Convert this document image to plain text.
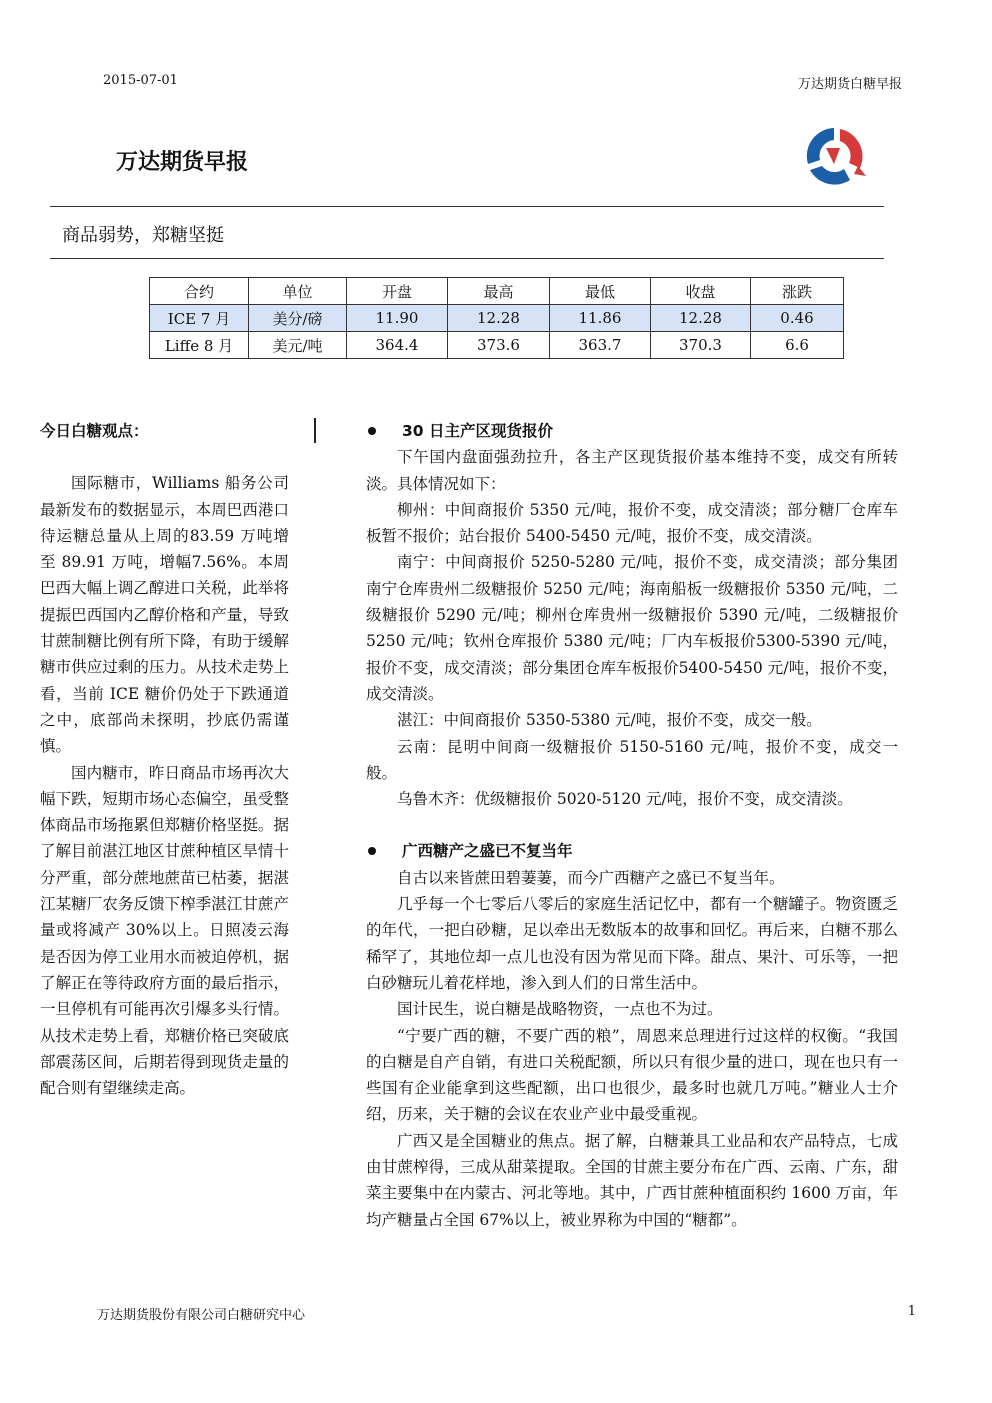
2015-07-01	万达期货白糖早报
万达期货早报
商品弱势，郑糖坚挺
合约	单位	开盘	最高	最低	收盘	涨跌
ICE 7 月	美分/磅	11.90	12.28	11.86	12.28	0.46
Liffe 8 月	美元/吨	364.4	373.6	363.7	370.3	6.6
今日白糖观点：

国际糖市，Williams 船务公司最新发布的数据显示，本周巴西港口待运糖总量从上周的83.59 万吨增至 89.91 万吨，增幅7.56%。本周巴西大幅上调乙醇进口关税，此举将提振巴西国内乙醇价格和产量，导致甘蔗制糖比例有所下降，有助于缓解糖市供应过剩的压力。从技术走势上看，当前 ICE 糖价仍处于下跌通道之中，底部尚未探明，抄底仍需谨慎。

国内糖市，昨日商品市场再次大幅下跌，短期市场心态偏空，虽受整体商品市场拖累但郑糖价格坚挺。据了解目前湛江地区甘蔗种植区旱情十分严重，部分蔗地蔗苗已枯萎，据湛江某糖厂农务反馈下榨季湛江甘蔗产量或将减产 30%以上。日照凌云海是否因为停工业用水而被迫停机，据了解正在等待政府方面的最后指示，一旦停机有可能再次引爆多头行情。从技术走势上看，郑糖价格已突破底部震荡区间，后期若得到现货走量的配合则有望继续走高。

30 日主产区现货报价

下午国内盘面强劲拉升，各主产区现货报价基本维持不变，成交有所转淡。具体情况如下：

柳州：中间商报价 5350 元/吨，报价不变，成交清淡；部分糖厂仓库车板暂不报价；站台报价 5400-5450 元/吨，报价不变，成交清淡。

南宁：中间商报价 5250-5280 元/吨，报价不变，成交清淡；部分集团南宁仓库贵州二级糖报价 5250 元/吨；海南船板一级糖报价 5350 元/吨，二级糖报价 5290 元/吨；柳州仓库贵州一级糖报价 5390 元/吨，二级糖报价 5250 元/吨；钦州仓库报价 5380 元/吨；厂内车板报价5300-5390 元/吨，报价不变，成交清淡；部分集团仓库车板报价5400-5450 元/吨，报价不变，成交清淡。

湛江：中间商报价 5350-5380 元/吨，报价不变，成交一般。

云南：昆明中间商一级糖报价 5150-5160 元/吨，报价不变，成交一般。

乌鲁木齐：优级糖报价 5020-5120 元/吨，报价不变，成交清淡。

广西糖产之盛已不复当年

自古以来皆蔗田碧萋萋，而今广西糖产之盛已不复当年。

几乎每一个七零后八零后的家庭生活记忆中，都有一个糖罐子。物资匮乏的年代，一把白砂糖，足以牵出无数版本的故事和回忆。再后来，白糖不那么稀罕了，其地位却一点儿也没有因为常见而下降。甜点、果汁、可乐等，一把白砂糖玩儿着花样地，渗入到人们的日常生活中。

国计民生，说白糖是战略物资，一点也不为过。

“宁要广西的糖，不要广西的粮”，周恩来总理进行过这样的权衡。“我国的白糖是自产自销，有进口关税配额，所以只有很少量的进口，现在也只有一些国有企业能拿到这些配额，出口也很少，最多时也就几万吨。”糖业人士介绍，历来，关于糖的会议在农业产业中最受重视。

广西又是全国糖业的焦点。据了解，白糖兼具工业品和农产品特点，七成由甘蔗榨得，三成从甜菜提取。全国的甘蔗主要分布在广西、云南、广东，甜菜主要集中在内蒙古、河北等地。其中，广西甘蔗种植面积约 1600 万亩，年均产糖量占全国 67%以上，被业界称为中国的“糖都”。

万达期货股份有限公司白糖研究中心	1
